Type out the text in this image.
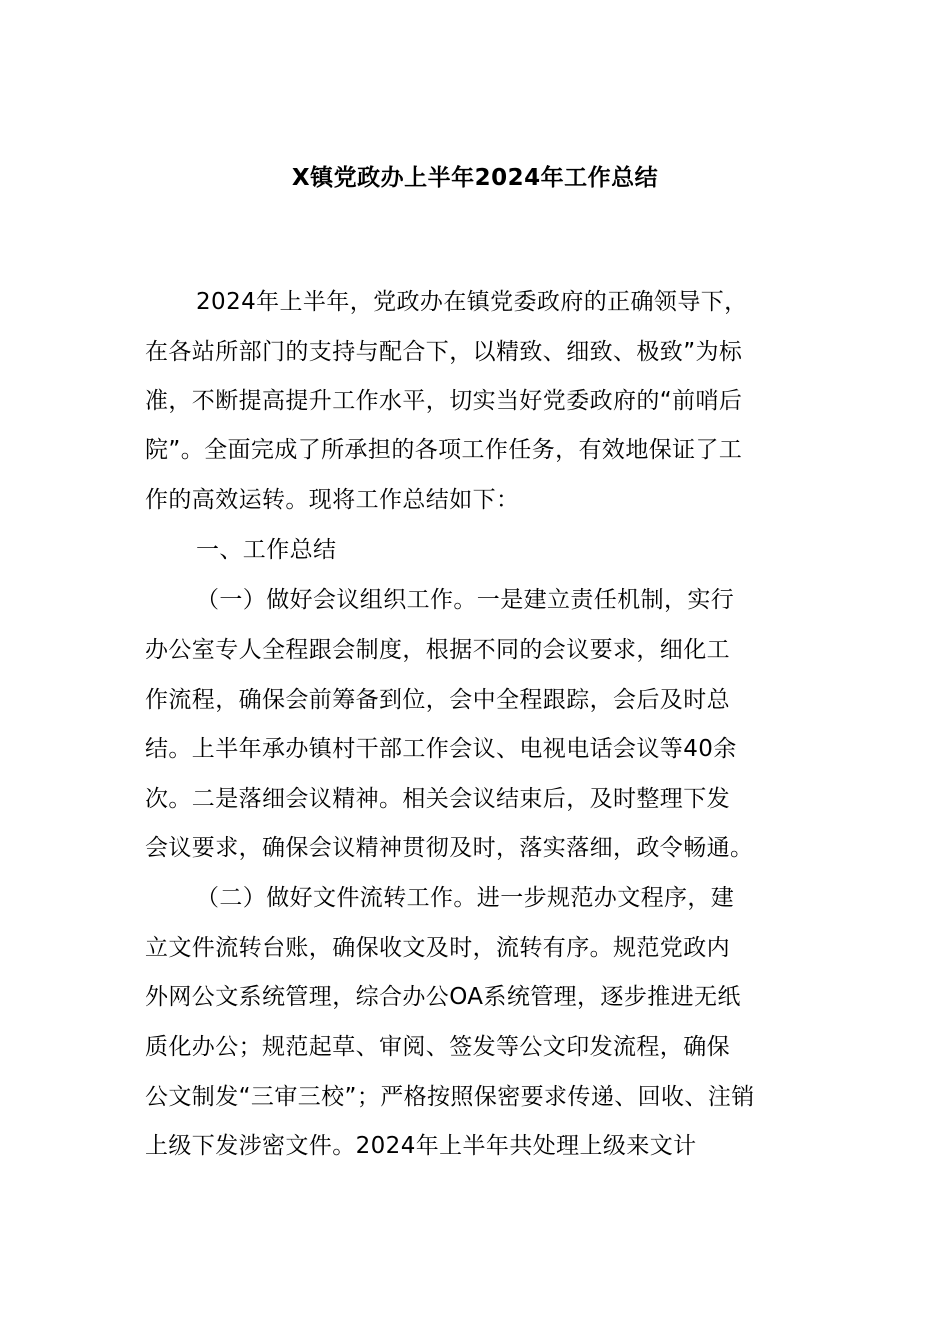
X镇党政办上半年2024年工作总结
2024年上半年，党政办在镇党委政府的正确领导下，
在各站所部门的支持与配合下，以精致、细致、极致”为标
准，不断提高提升工作水平，切实当好党委政府的“前哨后
院”。全面完成了所承担的各项工作任务，有效地保证了工
作的高效运转。现将工作总结如下：
一、工作总结
（一）做好会议组织工作。一是建立责任机制，实行
办公室专人全程跟会制度，根据不同的会议要求，细化工
作流程，确保会前筹备到位，会中全程跟踪，会后及时总
结。上半年承办镇村干部工作会议、电视电话会议等40余
次。二是落细会议精神。相关会议结束后，及时整理下发
会议要求，确保会议精神贯彻及时，落实落细，政令畅通。
（二）做好文件流转工作。进一步规范办文程序，建
立文件流转台账，确保收文及时，流转有序。规范党政内
外网公文系统管理，综合办公OA系统管理，逐步推进无纸
质化办公；规范起草、审阅、签发等公文印发流程，确保
公文制发“三审三校”；严格按照保密要求传递、回收、注销
上级下发涉密文件。2024年上半年共处理上级来文计
